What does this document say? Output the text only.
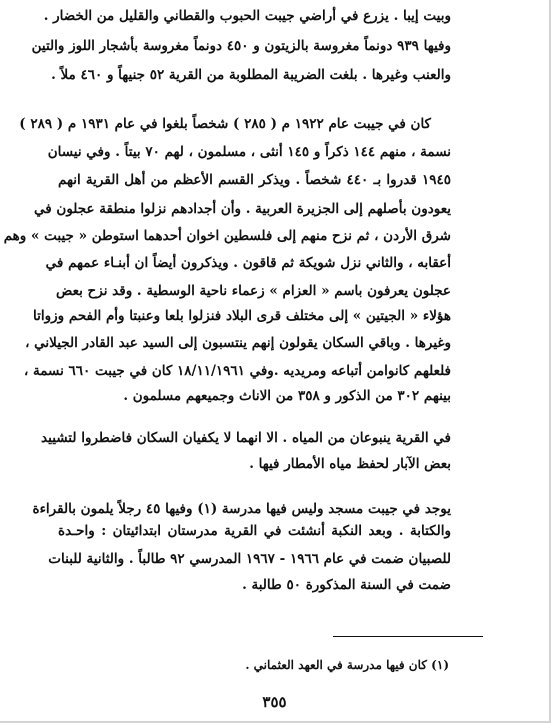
وبيت إيبا . يزرع في أراضي جيبت الحبوب والقطاني والقليل من الخضار .
وفيها ٩٣٩ دونماً مغروسة بالزيتون و ٤٥٠ دونماً مغروسة بأشجار اللوز والتين
والعنب وغيرها . بلغت الضريبة المطلوبة من القرية ٥٢ جنيهاً و ٤٦٠ ملاً .
كان في جيبت عام ١٩٢٢ م ( ٢٨٥ ) شخصاً بلغوا في عام ١٩٣١ م ( ٢٨٩ )
نسمة ، منهم ١٤٤ ذكراً و ١٤٥ أنثى ، مسلمون ، لهم ٧٠ بيتاً . وفي نيسان
١٩٤٥ قدروا بـ ٤٤٠ شخصاً . ويذكر القسم الأعظم من أهل القرية انهم
يعودون بأصلهم إلى الجزيرة العربية . وأن أجدادهم نزلوا منطقة عجلون في
شرق الأردن ، ثم نزح منهم إلى فلسطين اخوان أحدهما استوطن « جيبت » وهم
أعقابه ، والثاني نزل شويكة ثم قاقون . ويذكرون أيضاً ان أبنـاء عمهم في
عجلون يعرفون باسم « العزام » زعماء ناحية الوسطية . وقد نزح بعض
هؤلاء « الجيتين » إلى مختلف قرى البلاد فنزلوا بلعا وعنبتا وأم الفحم وزواتا
وغيرها . وباقي السكان يقولون إنهم ينتسبون إلى السيد عبد القادر الجيلاني ،
فلعلهم كانوامن أتباعه ومريديه .وفي ١٨/١١/١٩٦١ كان في جيبت ٦٦٠ نسمة ،
بينهم ٣٠٢ من الذكور و ٣٥٨ من الاناث وجميعهم مسلمون .
في القرية ينبوعان من المياه . الا انهما لا يكفيان السكان فاضطروا لتشييد
بعض الآبار لحفظ مياه الأمطار فيها .
يوجد في جيبت مسجد وليس فيها مدرسة (١) وفيها ٤٥ رجلاً يلمون بالقراءة
والكتابة . وبعد النكبة أنشئت في القرية مدرستان ابتدائيتان : واحـدة
للصبيان ضمت في عام ١٩٦٦ - ١٩٦٧ المدرسي ٩٢ طالباً . والثانية للبنات
ضمت في السنة المذكورة ٥٠ طالبة .
(١) كان فيها مدرسة في العهد العثماني .
٣٥٥
